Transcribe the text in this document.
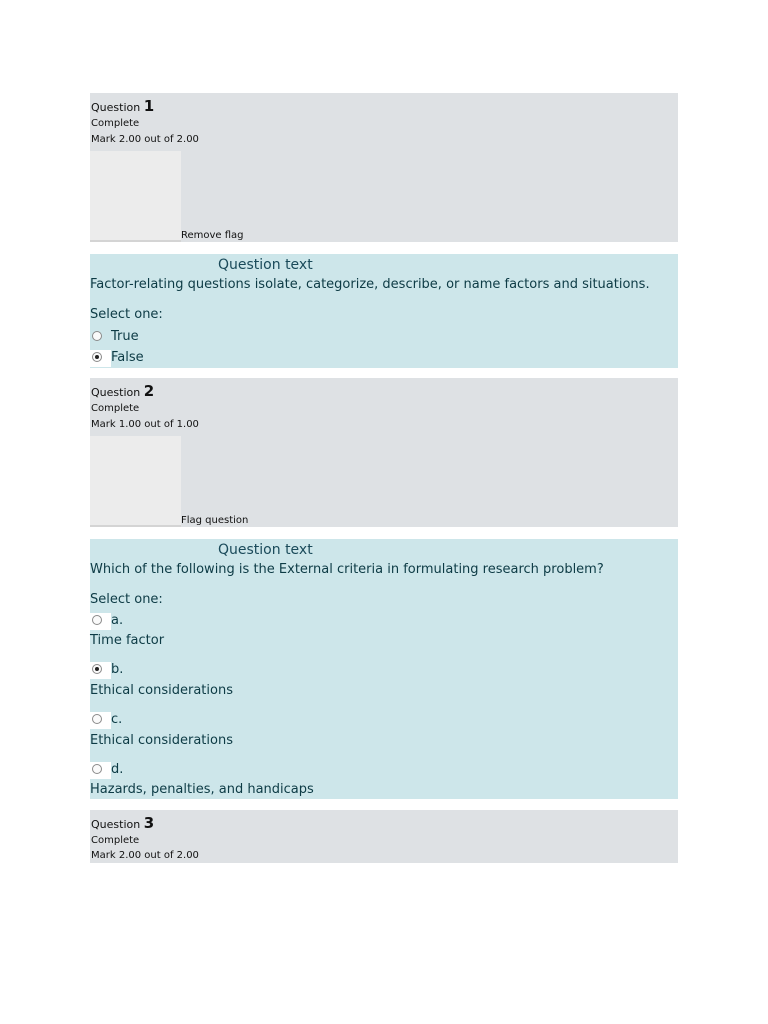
Question 1
Complete
Mark 2.00 out of 2.00
Remove flag
Question text
Factor-relating questions isolate, categorize, describe, or name factors and situations.
Select one:
True
False
Question 2
Complete
Mark 1.00 out of 1.00
Flag question
Question text
Which of the following is the External criteria in formulating research problem?
Select one:
a.
Time factor
b.
Ethical considerations
c.
Ethical considerations
d.
Hazards, penalties, and handicaps
Question 3
Complete
Mark 2.00 out of 2.00
